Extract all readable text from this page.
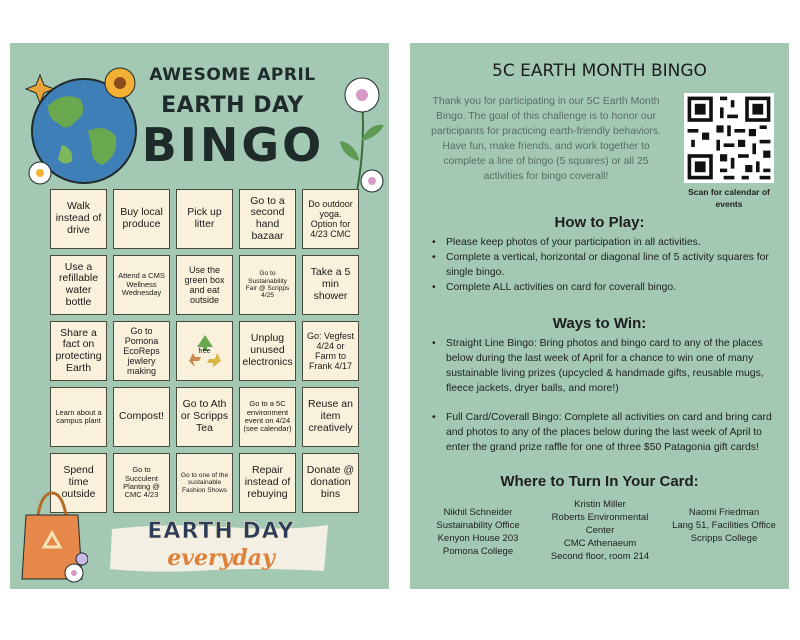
AWESOME APRIL
EARTH DAY
BINGO
Walk instead of drive
Buy local produce
Pick up litter
Go to a second hand bazaar
Do outdoor yoga. Option for 4/23 CMC
Use a refillable water bottle
Attend a CMS Wellness Wednesday
Use the green box and eat outside
Go to Sustainability Fair @ Scripps 4/25
Take a 5 min shower
Share a fact on protecting Earth
Go to Pomona EcoReps jewlery making
free
Unplug unused electronics
Go: Vegfest 4/24 or Farm to Frank 4/17
Learn about a campus plant	Compost!
Go to Ath or Scripps Tea
Go to a 5C environment event on 4/24 (see calendar)
Reuse an item creatively
Spend time outside
Go to Succulent Planting @ CMC 4/23
Go to one of the sustainable Fashion Shows
Repair instead of rebuying
Donate @ donation bins
EARTH DAY
everyday
5C EARTH MONTH BINGO
Thank you for participating in our 5C Earth Month Bingo. The goal of this challenge is to honor our participants for practicing earth-friendly behaviors. Have fun, make friends, and work together to complete a line of bingo (5 squares) or all 25 activities for bingo coverall!
Scan for calendar of events
How to Play:
• Please keep photos of your participation in all activities.
• Complete a vertical, horizontal or diagonal line of 5 activity squares for single bingo.
• Complete ALL activities on card for coverall bingo.
Ways to Win:
• Straight Line Bingo: Bring photos and bingo card to any of the places below during the last week of April for a chance to win one of many sustainable living prizes (upcycled & handmade gifts, reusable mugs, fleece jackets, dryer balls, and more!)
• Full Card/Coverall Bingo: Complete all activities on card and bring card and photos to any of the places below during the last week of April to enter the grand prize raffle for one of three $50 Patagonia gift cards!
Where to Turn In Your Card:
Nikhil Schneider
Sustainability Office
Kenyon House 203
Pomona College
Kristin Miller
Roberts Environmental Center
CMC Athenaeum
Second floor, room 214
Naomi Friedman
Lang 51, Facilities Office
Scripps College
